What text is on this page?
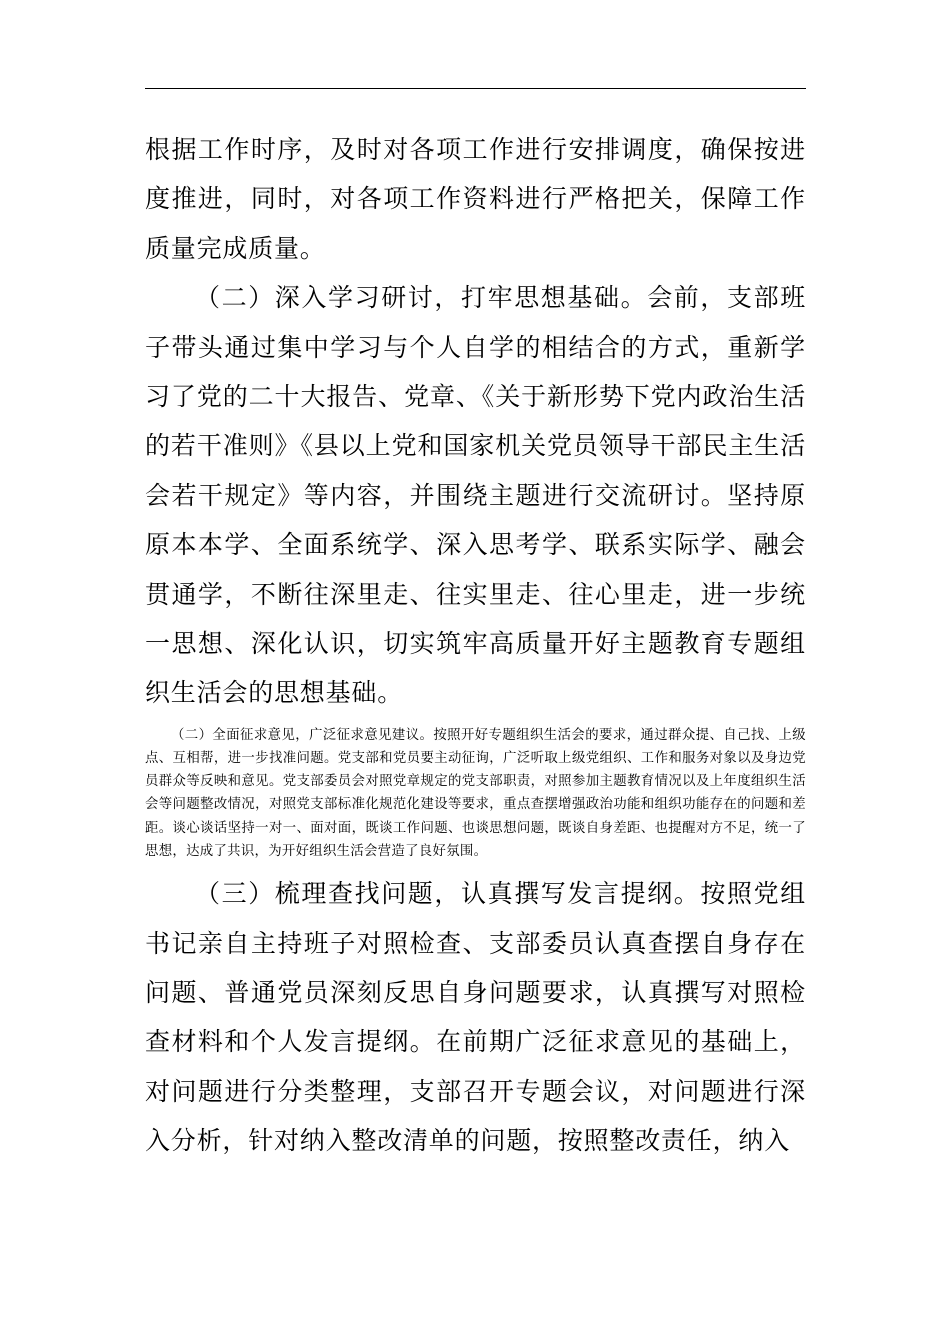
根据工作时序，及时对各项工作进行安排调度，确保按进度推进，同时，对各项工作资料进行严格把关，保障工作质量完成质量。

（二）深入学习研讨，打牢思想基础。会前，支部班子带头通过集中学习与个人自学的相结合的方式，重新学习了党的二十大报告、党章、《关于新形势下党内政治生活的若干准则》《县以上党和国家机关党员领导干部民主生活会若干规定》等内容，并围绕主题进行交流研讨。坚持原原本本学、全面系统学、深入思考学、联系实际学、融会贯通学，不断往深里走、往实里走、往心里走，进一步统一思想、深化认识，切实筑牢高质量开好主题教育专题组织生活会的思想基础。

（二）全面征求意见，广泛征求意见建议。按照开好专题组织生活会的要求，通过群众提、自己找、上级点、互相帮，进一步找准问题。党支部和党员要主动征询，广泛听取上级党组织、工作和服务对象以及身边党员群众等反映和意见。党支部委员会对照党章规定的党支部职责，对照参加主题教育情况以及上年度组织生活会等问题整改情况，对照党支部标准化规范化建设等要求，重点查摆增强政治功能和组织功能存在的问题和差距。谈心谈话坚持一对一、面对面，既谈工作问题、也谈思想问题，既谈自身差距、也提醒对方不足，统一了思想，达成了共识，为开好组织生活会营造了良好氛围。

（三）梳理查找问题，认真撰写发言提纲。按照党组书记亲自主持班子对照检查、支部委员认真查摆自身存在问题、普通党员深刻反思自身问题要求，认真撰写对照检查材料和个人发言提纲。在前期广泛征求意见的基础上，对问题进行分类整理，支部召开专题会议，对问题进行深入分析，针对纳入整改清单的问题，按照整改责任，纳入
